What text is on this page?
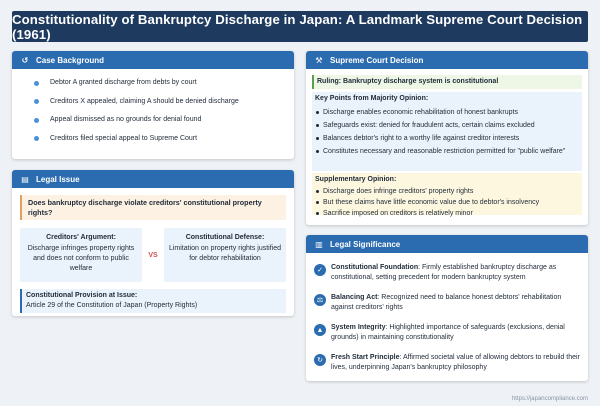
Constitutionality of Bankruptcy Discharge in Japan: A Landmark Supreme Court Decision (1961)
↺ Case Background
Debtor A granted discharge from debts by court
Creditors X appealed, claiming A should be denied discharge
Appeal dismissed as no grounds for denial found
Creditors filed special appeal to Supreme Court
▤ Legal Issue
Does bankruptcy discharge violate creditors' constitutional property rights?
Creditors' Argument:
Discharge infringes property rights and does not conform to public welfare
VS
Constitutional Defense:
Limitation on property rights justified for debtor rehabilitation
Constitutional Provision at Issue:
Article 29 of the Constitution of Japan (Property Rights)
⚒ Supreme Court Decision
Ruling: Bankruptcy discharge system is constitutional
Key Points from Majority Opinion:
Discharge enables economic rehabilitation of honest bankrupts
Safeguards exist: denied for fraudulent acts, certain claims excluded
Balances debtor's right to a worthy life against creditor interests
Constitutes necessary and reasonable restriction permitted for "public welfare"
Supplementary Opinion:
Discharge does infringe creditors' property rights
But these claims have little economic value due to debtor's insolvency
Sacrifice imposed on creditors is relatively minor
▥ Legal Significance
✓	Constitutional Foundation: Firmly established bankruptcy discharge as constitutional, setting precedent for modern bankruptcy system
⚖	Balancing Act: Recognized need to balance honest debtors' rehabilitation against creditors' rights
▲	System Integrity: Highlighted importance of safeguards (exclusions, denial grounds) in maintaining constitutionality
↻	Fresh Start Principle: Affirmed societal value of allowing debtors to rebuild their lives, underpinning Japan's bankruptcy philosophy
https://japancompliance.com
